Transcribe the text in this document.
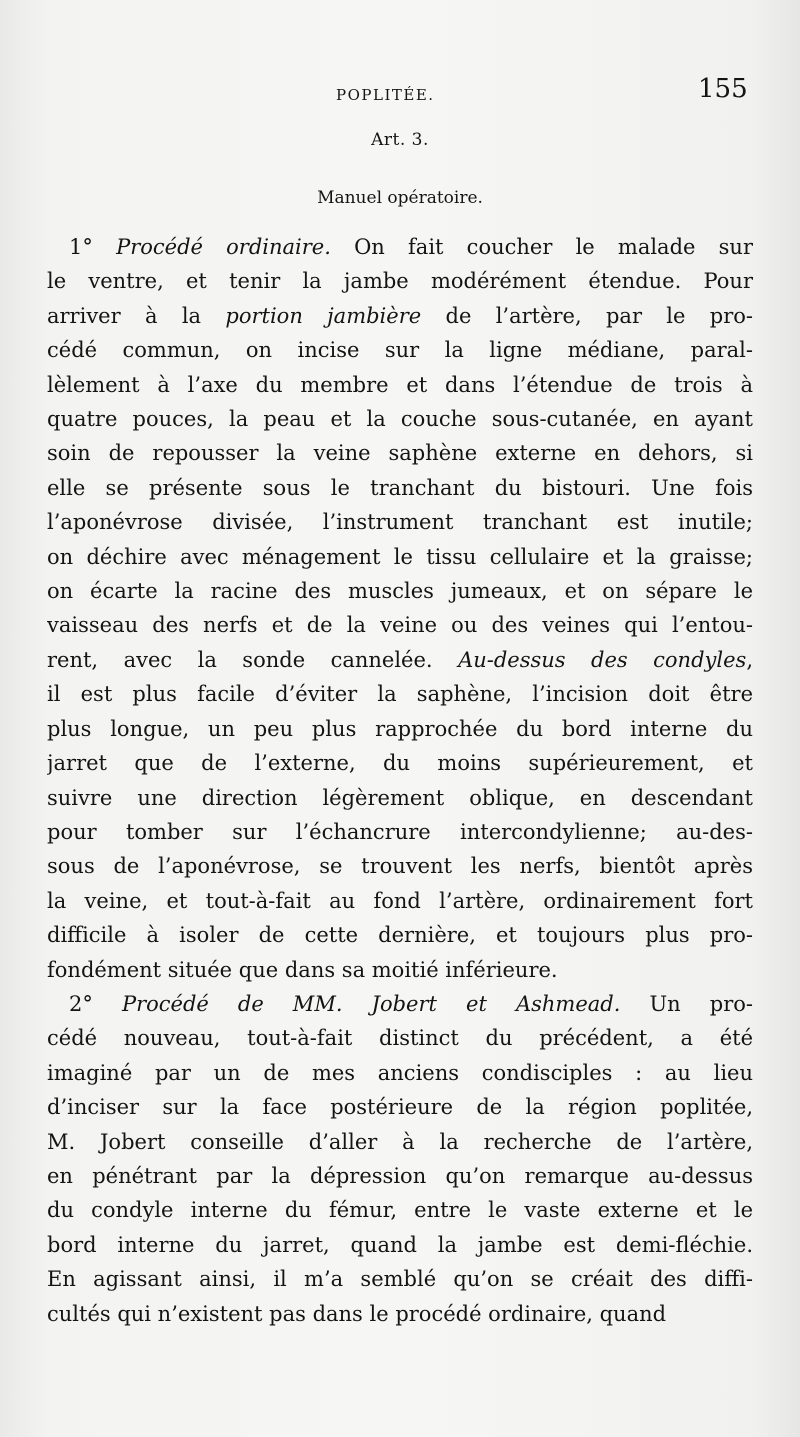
POPLITÉE.	155
Art. 3.
Manuel opératoire.
1° Procédé ordinaire. On fait coucher le malade sur
le ventre, et tenir la jambe modérément étendue. Pour
arriver à la portion jambière de l’artère, par le pro-
cédé commun, on incise sur la ligne médiane, paral-
lèlement à l’axe du membre et dans l’étendue de trois à
quatre pouces, la peau et la couche sous-cutanée, en ayant
soin de repousser la veine saphène externe en dehors, si
elle se présente sous le tranchant du bistouri. Une fois
l’aponévrose divisée, l’instrument tranchant est inutile;
on déchire avec ménagement le tissu cellulaire et la graisse;
on écarte la racine des muscles jumeaux, et on sépare le
vaisseau des nerfs et de la veine ou des veines qui l’entou-
rent, avec la sonde cannelée. Au-dessus des condyles,
il est plus facile d’éviter la saphène, l’incision doit être
plus longue, un peu plus rapprochée du bord interne du
jarret que de l’externe, du moins supérieurement, et
suivre une direction légèrement oblique, en descendant
pour tomber sur l’échancrure intercondylienne; au-des-
sous de l’aponévrose, se trouvent les nerfs, bientôt après
la veine, et tout-à-fait au fond l’artère, ordinairement fort
difficile à isoler de cette dernière, et toujours plus pro-
fondément située que dans sa moitié inférieure.
2° Procédé de MM. Jobert et Ashmead. Un pro-
cédé nouveau, tout-à-fait distinct du précédent, a été
imaginé par un de mes anciens condisciples : au lieu
d’inciser sur la face postérieure de la région poplitée,
M. Jobert conseille d’aller à la recherche de l’artère,
en pénétrant par la dépression qu’on remarque au-dessus
du condyle interne du fémur, entre le vaste externe et le
bord interne du jarret, quand la jambe est demi-fléchie.
En agissant ainsi, il m’a semblé qu’on se créait des diffi-
cultés qui n’existent pas dans le procédé ordinaire, quand
